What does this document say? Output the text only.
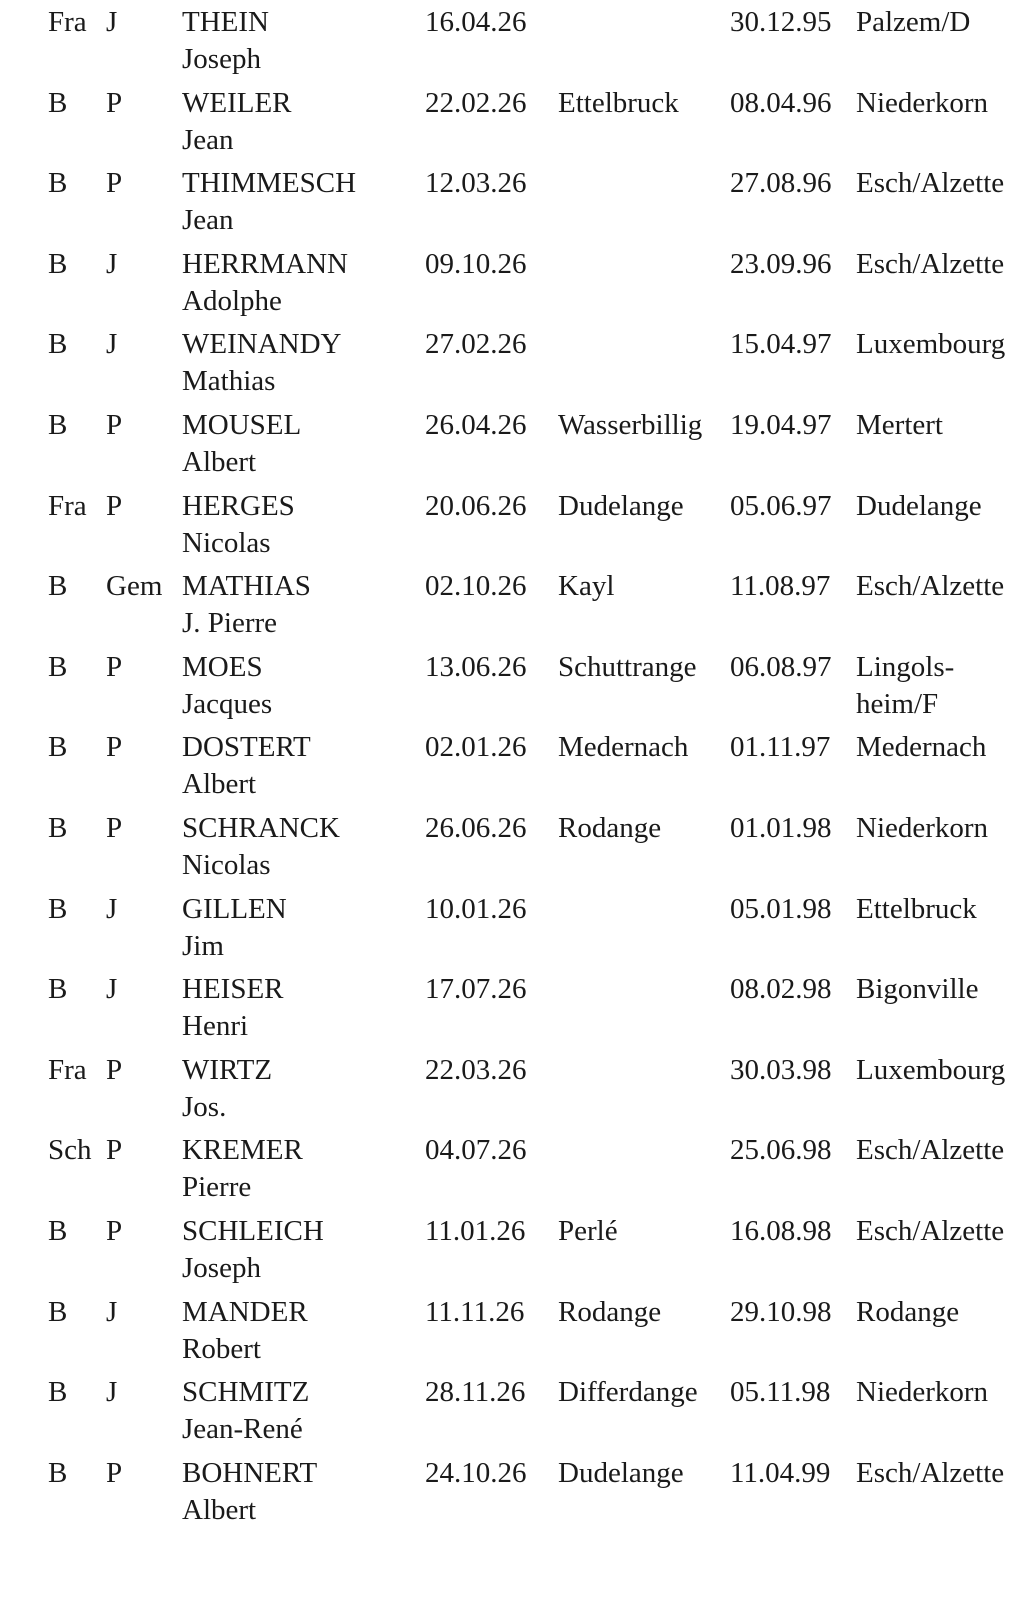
Fra J THEIN
Joseph
16.04.26	30.12.95 Palzem/D
B P WEILER
Jean
22.02.26 Ettelbruck 08.04.96 Niederkorn
B P THIMMESCH
Jean
12.03.26	27.08.96 Esch/Alzette
B J HERRMANN
Adolphe
09.10.26	23.09.96 Esch/Alzette
B J WEINANDY
Mathias
27.02.26	15.04.97 Luxembourg
B P MOUSEL
Albert
26.04.26 Wasserbillig 19.04.97 Mertert
Fra P HERGES
Nicolas
20.06.26 Dudelange 05.06.97 Dudelange
B Gem MATHIAS
J. Pierre
02.10.26 Kayl	11.08.97 Esch/Alzette
B P MOES
Jacques
13.06.26 Schuttrange 06.08.97 Lingols-heim/F
B P DOSTERT
Albert
02.01.26 Medernach 01.11.97 Medernach
B P SCHRANCK
Nicolas
26.06.26 Rodange 01.01.98 Niederkorn
B J GILLEN
Jim
10.01.26	05.01.98 Ettelbruck
B J HEISER
Henri
17.07.26	08.02.98 Bigonville
Fra P WIRTZ
Jos.
22.03.26	30.03.98 Luxembourg
Sch P KREMER
Pierre
04.07.26	25.06.98 Esch/Alzette
B P SCHLEICH
Joseph
11.01.26 Perlé	16.08.98 Esch/Alzette
B J MANDER
Robert
11.11.26 Rodange 29.10.98 Rodange
B J SCHMITZ
Jean-René
28.11.26 Differdange 05.11.98 Niederkorn
B P BOHNERT
Albert
24.10.26 Dudelange 11.04.99 Esch/Alzette
